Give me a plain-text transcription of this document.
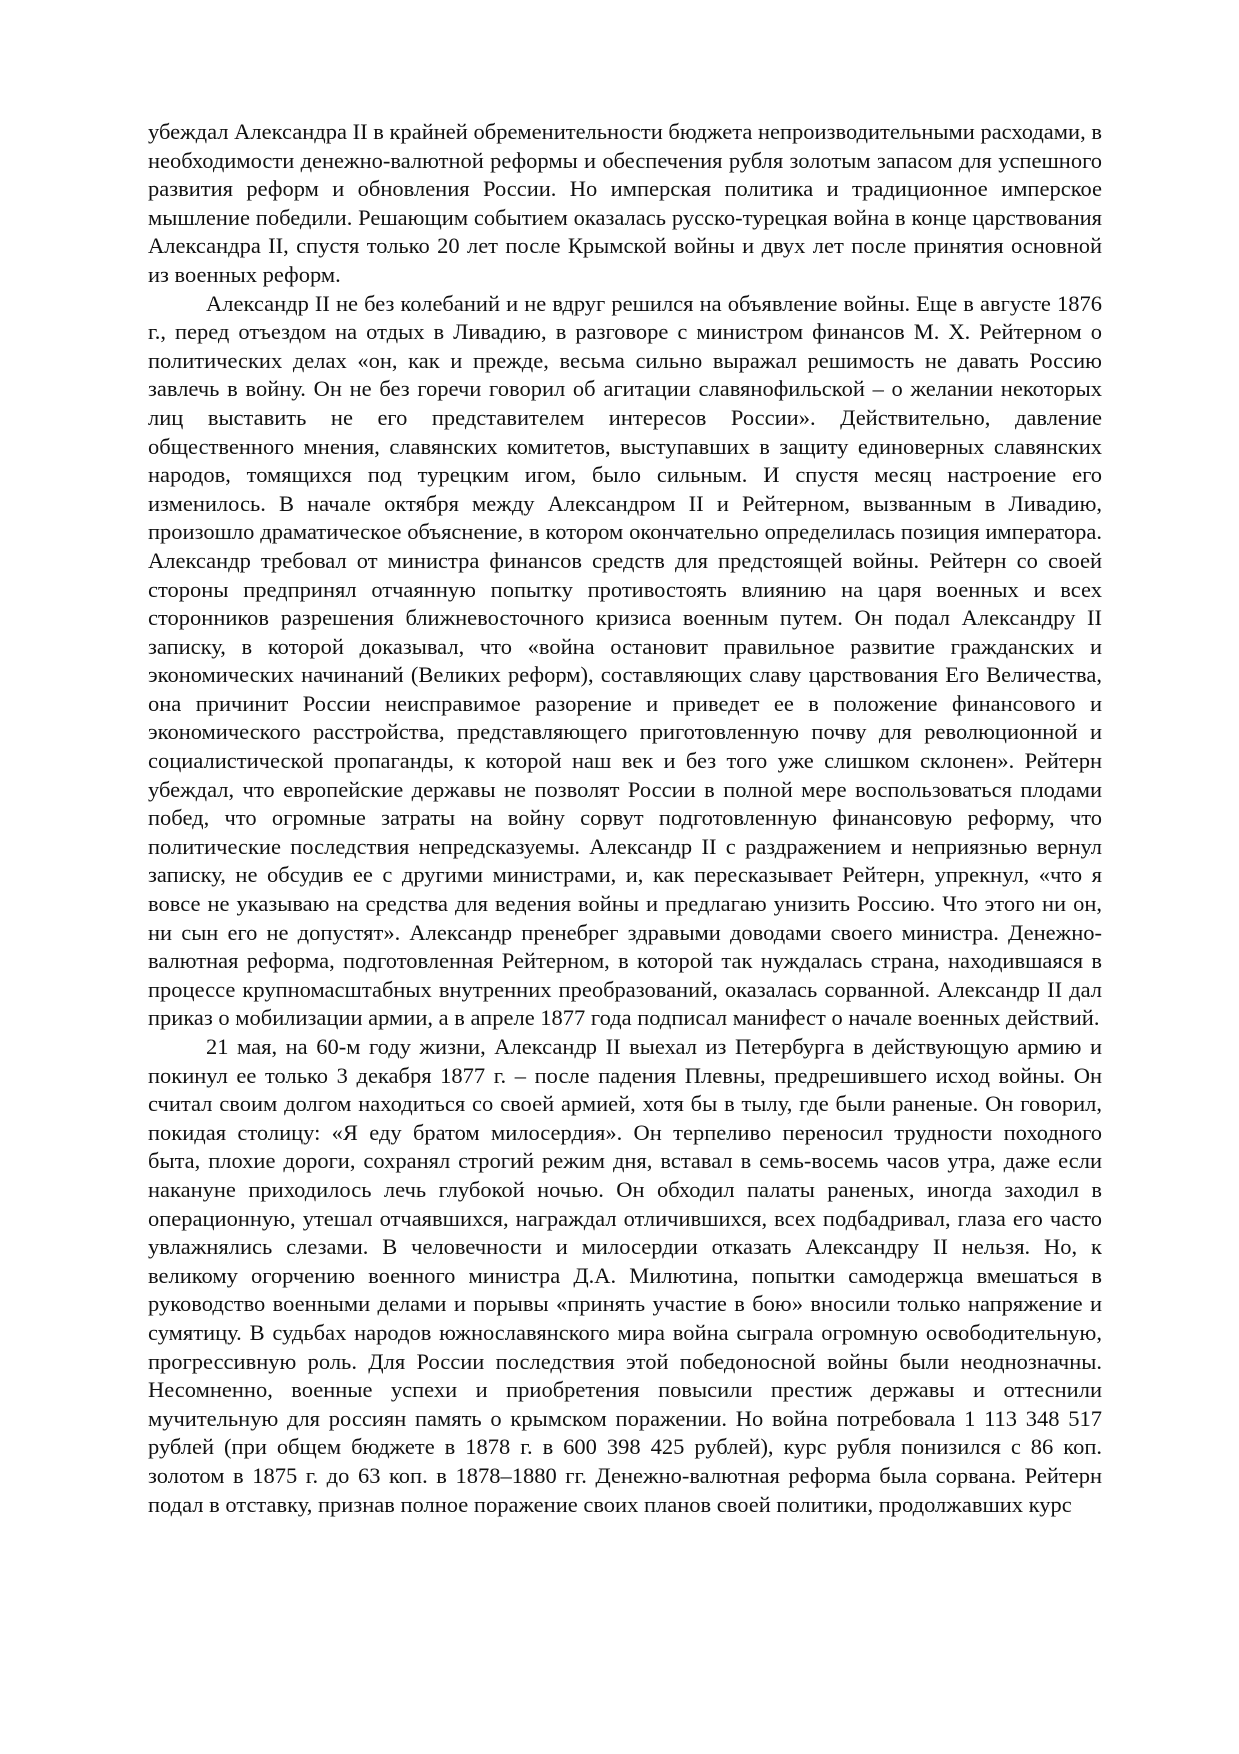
убеждал Александра II в крайней обременительности бюджета непроизводительными расходами, в необходимости денежно-валютной реформы и обеспечения рубля золотым запасом для успешного развития реформ и обновления России. Но имперская политика и традиционное имперское мышление победили. Решающим событием оказалась русско-турецкая война в конце царствования Александра II, спустя только 20 лет после Крымской войны и двух лет после принятия основной из военных реформ.

Александр II не без колебаний и не вдруг решился на объявление войны. Еще в августе 1876 г., перед отъездом на отдых в Ливадию, в разговоре с министром финансов М. Х. Рейтерном о политических делах «он, как и прежде, весьма сильно выражал решимость не давать Россию завлечь в войну. Он не без горечи говорил об агитации славянофильской – о желании некоторых лиц выставить не его представителем интересов России». Действительно, давление общественного мнения, славянских комитетов, выступавших в защиту единоверных славянских народов, томящихся под турецким игом, было сильным. И спустя месяц настроение его изменилось. В начале октября между Александром II и Рейтерном, вызванным в Ливадию, произошло драматическое объяснение, в котором окончательно определилась позиция императора. Александр требовал от министра финансов средств для предстоящей войны. Рейтерн со своей стороны предпринял отчаянную попытку противостоять влиянию на царя военных и всех сторонников разрешения ближневосточного кризиса военным путем. Он подал Александру II записку, в которой доказывал, что «война остановит правильное развитие гражданских и экономических начинаний (Великих реформ), составляющих славу царствования Его Величества, она причинит России неисправимое разорение и приведет ее в положение финансового и экономического расстройства, представляющего приготовленную почву для революционной и социалистической пропаганды, к которой наш век и без того уже слишком склонен». Рейтерн убеждал, что европейские державы не позволят России в полной мере воспользоваться плодами побед, что огромные затраты на войну сорвут подготовленную финансовую реформу, что политические последствия непредсказуемы. Александр II с раздражением и неприязнью вернул записку, не обсудив ее с другими министрами, и, как пересказывает Рейтерн, упрекнул, «что я вовсе не указываю на средства для ведения войны и предлагаю унизить Россию. Что этого ни он, ни сын его не допустят». Александр пренебрег здравыми доводами своего министра. Денежно-валютная реформа, подготовленная Рейтерном, в которой так нуждалась страна, находившаяся в процессе крупномасштабных внутренних преобразований, оказалась сорванной. Александр II дал приказ о мобилизации армии, а в апреле 1877 года подписал манифест о начале военных действий.

21 мая, на 60-м году жизни, Александр II выехал из Петербурга в действующую армию и покинул ее только 3 декабря 1877 г. – после падения Плевны, предрешившего исход войны. Он считал своим долгом находиться со своей армией, хотя бы в тылу, где были раненые. Он говорил, покидая столицу: «Я еду братом милосердия». Он терпеливо переносил трудности походного быта, плохие дороги, сохранял строгий режим дня, вставал в семь-восемь часов утра, даже если накануне приходилось лечь глубокой ночью. Он обходил палаты раненых, иногда заходил в операционную, утешал отчаявшихся, награждал отличившихся, всех подбадривал, глаза его часто увлажнялись слезами. В человечности и милосердии отказать Александру II нельзя. Но, к великому огорчению военного министра Д.А. Милютина, попытки самодержца вмешаться в руководство военными делами и порывы «принять участие в бою» вносили только напряжение и сумятицу. В судьбах народов южнославянского мира война сыграла огромную освободительную, прогрессивную роль. Для России последствия этой победоносной войны были неоднозначны. Несомненно, военные успехи и приобретения повысили престиж державы и оттеснили мучительную для россиян память о крымском поражении. Но война потребовала 1 113 348 517 рублей (при общем бюджете в 1878 г. в 600 398 425 рублей), курс рубля понизился с 86 коп. золотом в 1875 г. до 63 коп. в 1878–1880 гг. Денежно-валютная реформа была сорвана. Рейтерн подал в отставку, признав полное поражение своих планов своей политики, продолжавших курс
